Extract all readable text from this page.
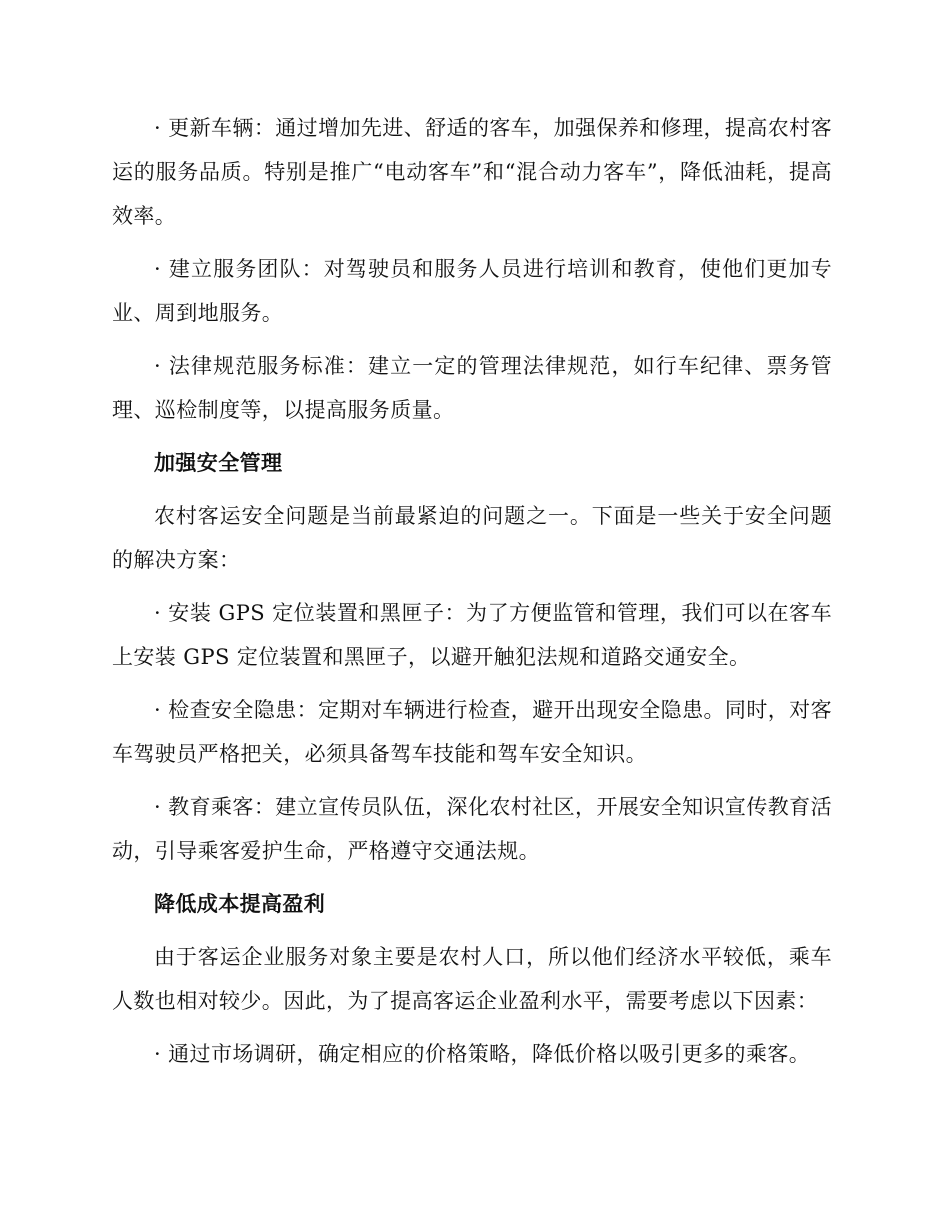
· 更新车辆：通过增加先进、舒适的客车，加强保养和修理，提高农村客运的服务品质。特别是推广“电动客车”和“混合动力客车”，降低油耗，提高效率。

· 建立服务团队：对驾驶员和服务人员进行培训和教育，使他们更加专业、周到地服务。

· 法律规范服务标准：建立一定的管理法律规范，如行车纪律、票务管理、巡检制度等，以提高服务质量。

加强安全管理

农村客运安全问题是当前最紧迫的问题之一。下面是一些关于安全问题的解决方案：

· 安装 GPS 定位装置和黑匣子：为了方便监管和管理，我们可以在客车上安装 GPS 定位装置和黑匣子，以避开触犯法规和道路交通安全。

· 检查安全隐患：定期对车辆进行检查，避开出现安全隐患。同时，对客车驾驶员严格把关，必须具备驾车技能和驾车安全知识。

· 教育乘客：建立宣传员队伍，深化农村社区，开展安全知识宣传教育活动，引导乘客爱护生命，严格遵守交通法规。

降低成本提高盈利

由于客运企业服务对象主要是农村人口，所以他们经济水平较低，乘车人数也相对较少。因此，为了提高客运企业盈利水平，需要考虑以下因素：

· 通过市场调研，确定相应的价格策略，降低价格以吸引更多的乘客。
